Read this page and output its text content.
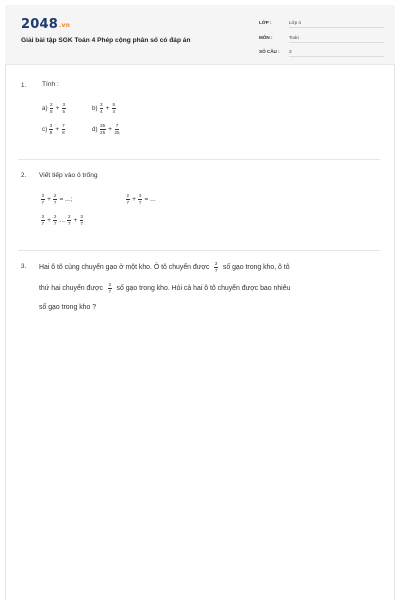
2048.vn
Giải bài tập SGK Toán 4 Phép cộng phân số có đáp án
LỚP :	Lớp 4
MÔN :	Toán
SỐ CÂU : 3
1. Tính :
$a) \frac{2}{5} + \frac{3}{5}$	$b) \frac{3}{4} + \frac{5}{4}$
$c) \frac{3}{8} + \frac{7}{8}$	$d) \frac{35}{25} + \frac{7}{25}$
2. Viết tiếp vào ô trống
$\frac{3}{7} + \frac{2}{7}$ = ...;	$\frac{2}{7} + \frac{3}{7}$ = ...
$\frac{3}{7} + \frac{2}{7}$ ... $\frac{2}{7} + \frac{3}{7}$
3. Hai ô tô cùng chuyển gạo ở một kho. Ô tô chuyển được $\frac{2}{7}$ số gạo trong kho, ô tô
thứ hai chuyển được $\frac{3}{7}$ số gạo trong kho. Hỏi cả hai ô tô chuyển được bao nhiêu
số gạo trong kho ?
